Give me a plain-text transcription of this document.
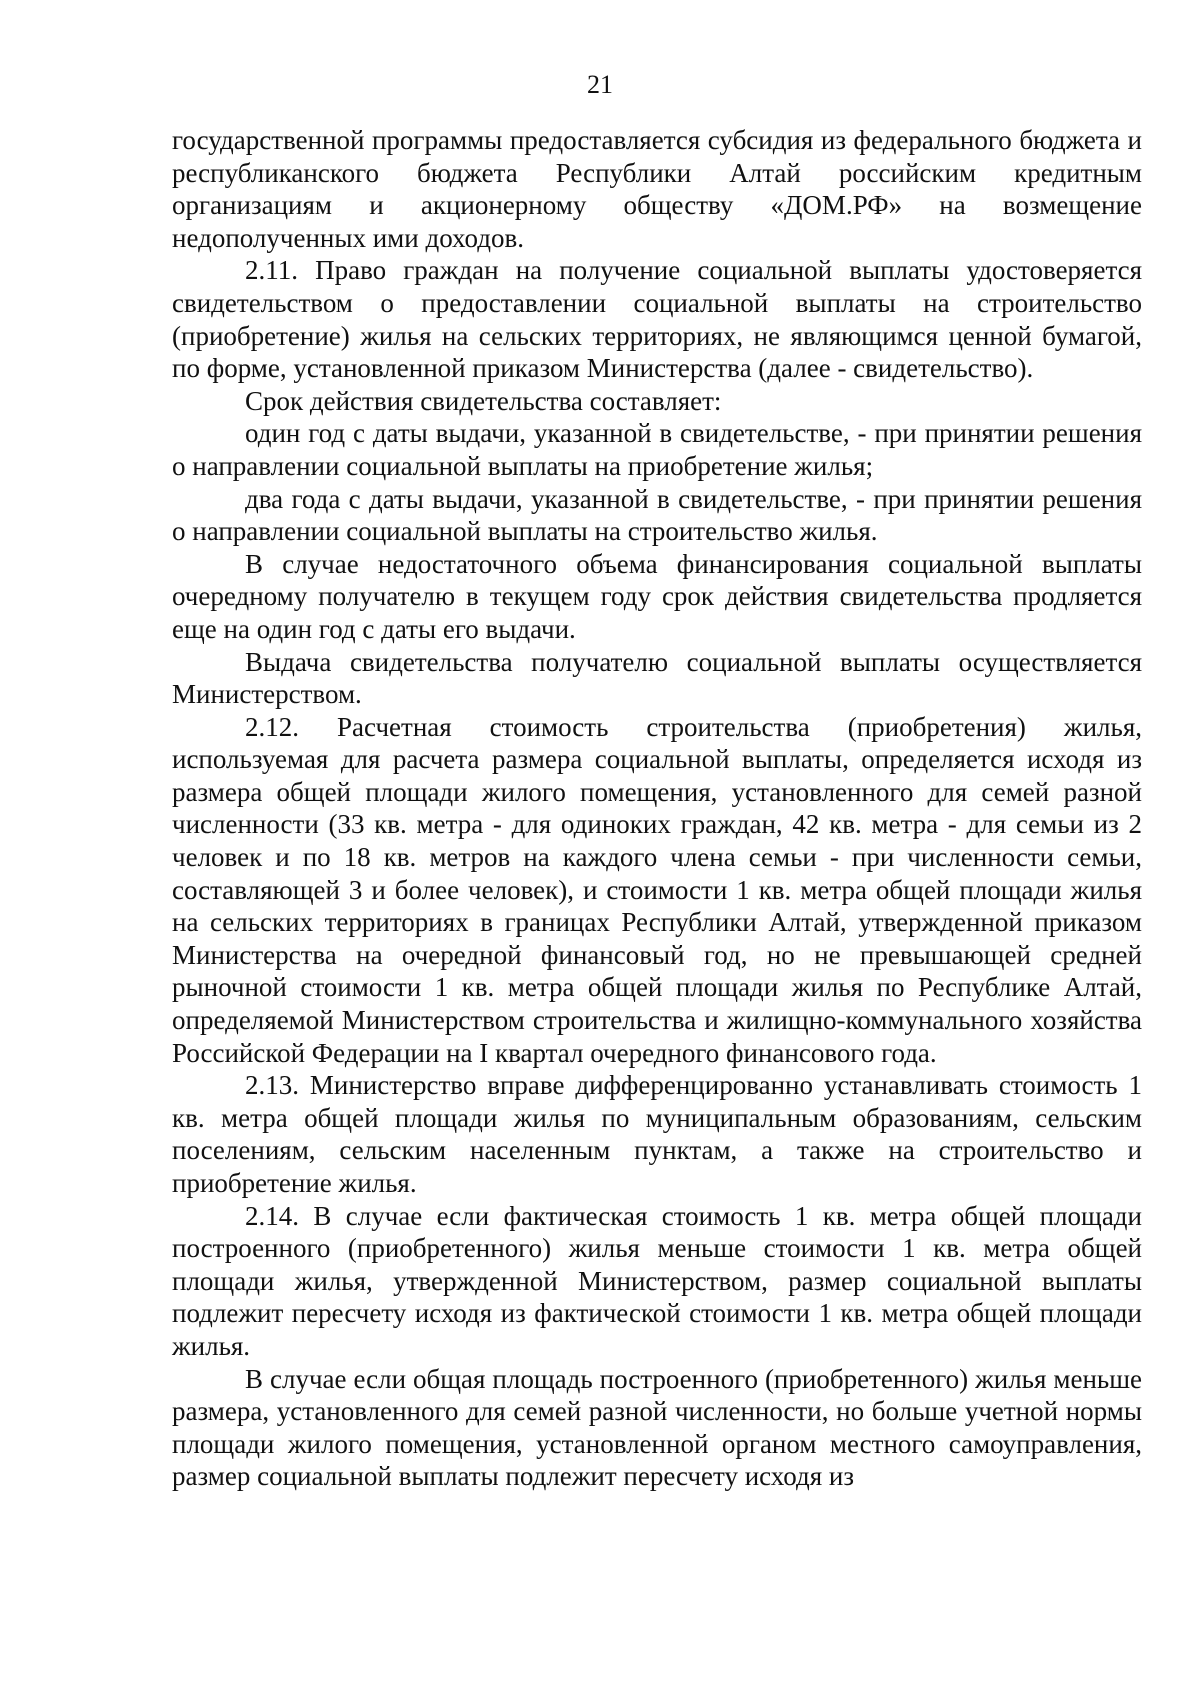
21

государственной программы предоставляется субсидия из федерального бюджета и республиканского бюджета Республики Алтай российским кредитным организациям и акционерному обществу «ДОМ.РФ» на возмещение недополученных ими доходов.

2.11. Право граждан на получение социальной выплаты удостоверяется свидетельством о предоставлении социальной выплаты на строительство (приобретение) жилья на сельских территориях, не являющимся ценной бумагой, по форме, установленной приказом Министерства (далее - свидетельство).

Срок действия свидетельства составляет:

один год с даты выдачи, указанной в свидетельстве, - при принятии решения о направлении социальной выплаты на приобретение жилья;

два года с даты выдачи, указанной в свидетельстве, - при принятии решения о направлении социальной выплаты на строительство жилья.

В случае недостаточного объема финансирования социальной выплаты очередному получателю в текущем году срок действия свидетельства продляется еще на один год с даты его выдачи.

Выдача свидетельства получателю социальной выплаты осуществляется Министерством.

2.12. Расчетная стоимость строительства (приобретения) жилья, используемая для расчета размера социальной выплаты, определяется исходя из размера общей площади жилого помещения, установленного для семей разной численности (33 кв. метра - для одиноких граждан, 42 кв. метра - для семьи из 2 человек и по 18 кв. метров на каждого члена семьи - при численности семьи, составляющей 3 и более человек), и стоимости 1 кв. метра общей площади жилья на сельских территориях в границах Республики Алтай, утвержденной приказом Министерства на очередной финансовый год, но не превышающей средней рыночной стоимости 1 кв. метра общей площади жилья по Республике Алтай, определяемой Министерством строительства и жилищно-коммунального хозяйства Российской Федерации на I квартал очередного финансового года.

2.13. Министерство вправе дифференцированно устанавливать стоимость 1 кв. метра общей площади жилья по муниципальным образованиям, сельским поселениям, сельским населенным пунктам, а также на строительство и приобретение жилья.

2.14. В случае если фактическая стоимость 1 кв. метра общей площади построенного (приобретенного) жилья меньше стоимости 1 кв. метра общей площади жилья, утвержденной Министерством, размер социальной выплаты подлежит пересчету исходя из фактической стоимости 1 кв. метра общей площади жилья.

В случае если общая площадь построенного (приобретенного) жилья меньше размера, установленного для семей разной численности, но больше учетной нормы площади жилого помещения, установленной органом местного самоуправления, размер социальной выплаты подлежит пересчету исходя из
